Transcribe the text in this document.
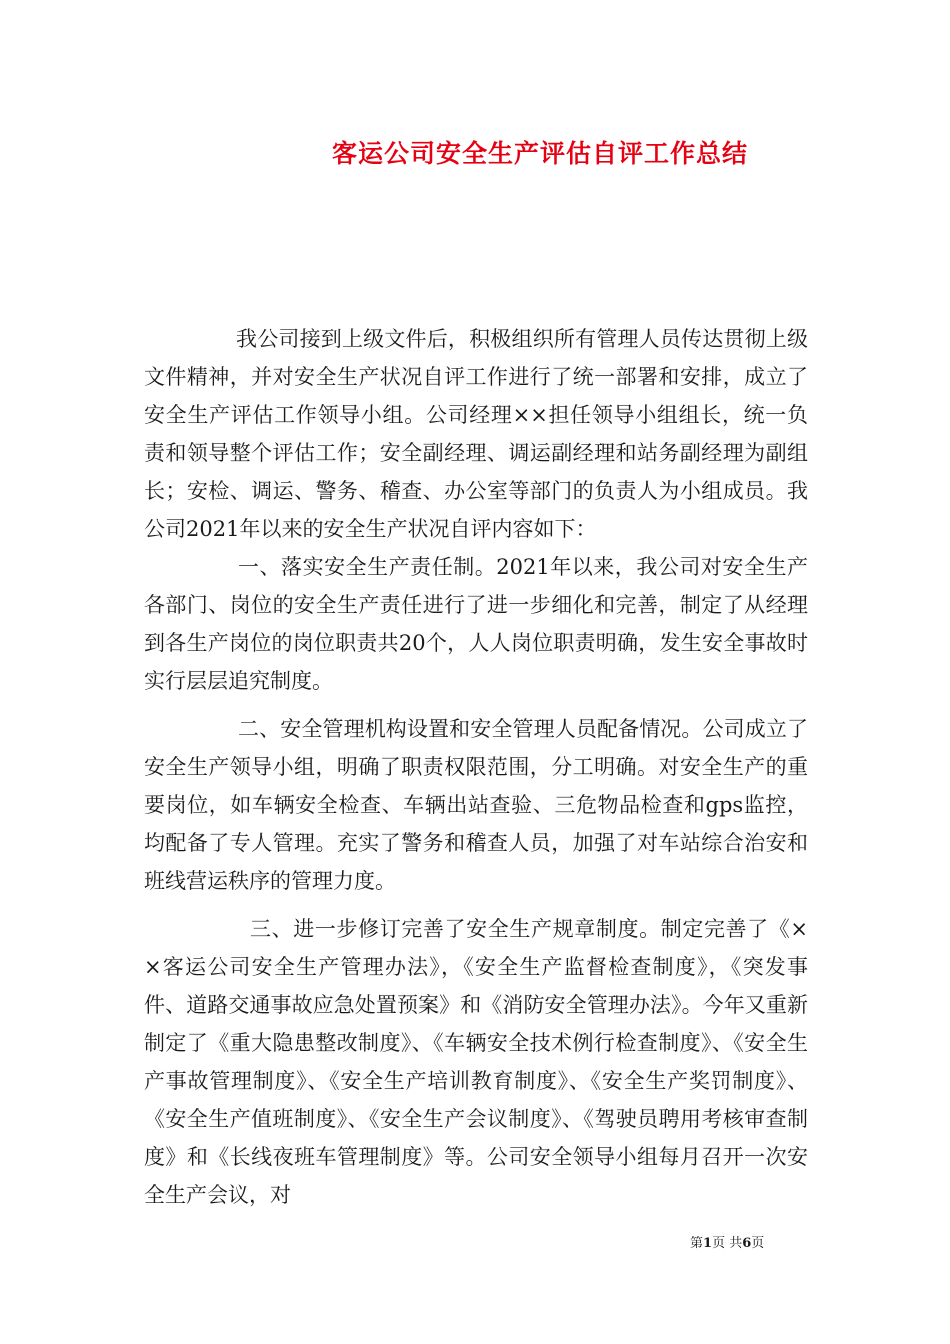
客运公司安全生产评估自评工作总结

我公司接到上级文件后，积极组织所有管理人员传达贯彻上级文件精神，并对安全生产状况自评工作进行了统一部署和安排，成立了安全生产评估工作领导小组。公司经理××担任领导小组组长，统一负责和领导整个评估工作；安全副经理、调运副经理和站务副经理为副组长；安检、调运、警务、稽查、办公室等部门的负责人为小组成员。我公司2021年以来的安全生产状况自评内容如下：

一、落实安全生产责任制。2021年以来，我公司对安全生产各部门、岗位的安全生产责任进行了进一步细化和完善，制定了从经理到各生产岗位的岗位职责共20个，人人岗位职责明确，发生安全事故时实行层层追究制度。

二、安全管理机构设置和安全管理人员配备情况。公司成立了安全生产领导小组，明确了职责权限范围，分工明确。对安全生产的重要岗位，如车辆安全检查、车辆出站查验、三危物品检查和gps监控，均配备了专人管理。充实了警务和稽查人员，加强了对车站综合治安和班线营运秩序的管理力度。

三、进一步修订完善了安全生产规章制度。制定完善了《××客运公司安全生产管理办法》，《安全生产监督检查制度》，《突发事件、道路交通事故应急处置预案》和《消防安全管理办法》。今年又重新制定了《重大隐患整改制度》、《车辆安全技术例行检查制度》、《安全生产事故管理制度》、《安全生产培训教育制度》、《安全生产奖罚制度》、《安全生产值班制度》、《安全生产会议制度》、《驾驶员聘用考核审查制度》和《长线夜班车管理制度》等。公司安全领导小组每月召开一次安全生产会议，对

第1页 共6页
